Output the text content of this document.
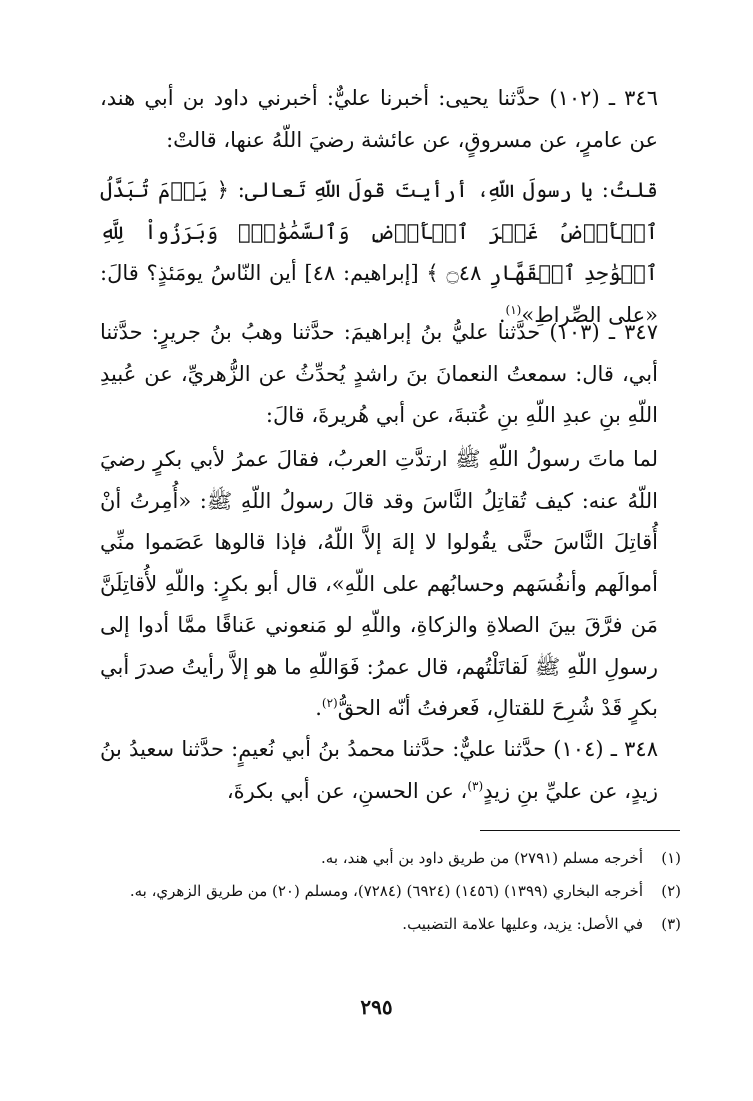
٣٤٦ ـ (١٠٢) حدَّثنا يحيى: أخبرنا عليٌّ: أخبرني داود بن أبي هند، عن عامرٍ، عن مسروقٍ، عن عائشة رضيَ اللّهُ عنها، قالتْ:

قلتُ: يا رسولَ اللّهِ، أرأيتَ قولَ اللّهِ تَعالى: ﴿ يَوۡمَ تُبَدَّلُ ٱلۡأَرۡضُ غَيۡرَ ٱلۡأَرۡضِ وَٱلسَّمَٰوَٰتُۖ وَبَرَزُواْ لِلَّهِ ٱلۡوَٰحِدِ ٱلۡقَهَّارِ ۝٤٨ ﴾ [إبراهيم: ٤٨] أين النّاسُ يومَئذٍ؟ قالَ: «على الصِّراطِ»$^{(١)}$.

٣٤٧ ـ (١٠٣) حدَّثنا عليُّ بنُ إبراهيمَ: حدَّثنا وهبُ بنُ جريرٍ: حدَّثنا أبي، قال: سمعتُ النعمانَ بنَ راشدٍ يُحدِّثُ عن الزُّهريِّ، عن عُبيدِ اللّهِ بنِ عبدِ اللّهِ بنِ عُتبةَ، عن أبي هُريرةَ، قالَ:

لما ماتَ رسولُ اللّهِ ﷺ ارتدَّتِ العربُ، فقالَ عمرُ لأبي بكرٍ رضيَ اللّهُ عنه: كيف تُقاتِلُ النَّاسَ وقد قالَ رسولُ اللّهِ ﷺ: «أُمِرتُ أنْ أُقاتِلَ النَّاسَ حتَّى يقُولوا لا إلهَ إلاَّ اللّهُ، فإذا قالوها عَصَموا منِّي أموالَهم وأنفُسَهم وحسابُهم على اللّهِ»، قال أبو بكرٍ: واللّهِ لأُقاتِلَنَّ مَن فرَّقَ بينَ الصلاةِ والزكاةِ، واللّهِ لو مَنعوني عَناقًا ممَّا أدوا إلى رسولِ اللّهِ ﷺ لَقاتَلْتُهم، قال عمرُ: فَوَاللّهِ ما هو إلاَّ رأيتُ صدرَ أبي بكرٍ قَدْ شُرِحَ للقتالِ، فَعرفتُ أنّه الحقُّ$^{(٢)}$.

٣٤٨ ـ (١٠٤) حدَّثنا عليٌّ: حدَّثنا محمدُ بنُ أبي نُعيمٍ: حدَّثنا سعيدُ بنُ زيدٍ، عن عليِّ بنِ زيدٍ$^{(٣)}$، عن الحسنِ، عن أبي بكرةَ،

(١)
أخرجه مسلم (٢٧٩١) من طريق داود بن أبي هند، به.
(٢)
أخرجه البخاري (١٣٩٩) (١٤٥٦) (٦٩٢٤) (٧٢٨٤)، ومسلم (٢٠) من طريق الزهري، به.
(٣)
في الأصل: يزيد، وعليها علامة التضبيب.
٢٩٥
